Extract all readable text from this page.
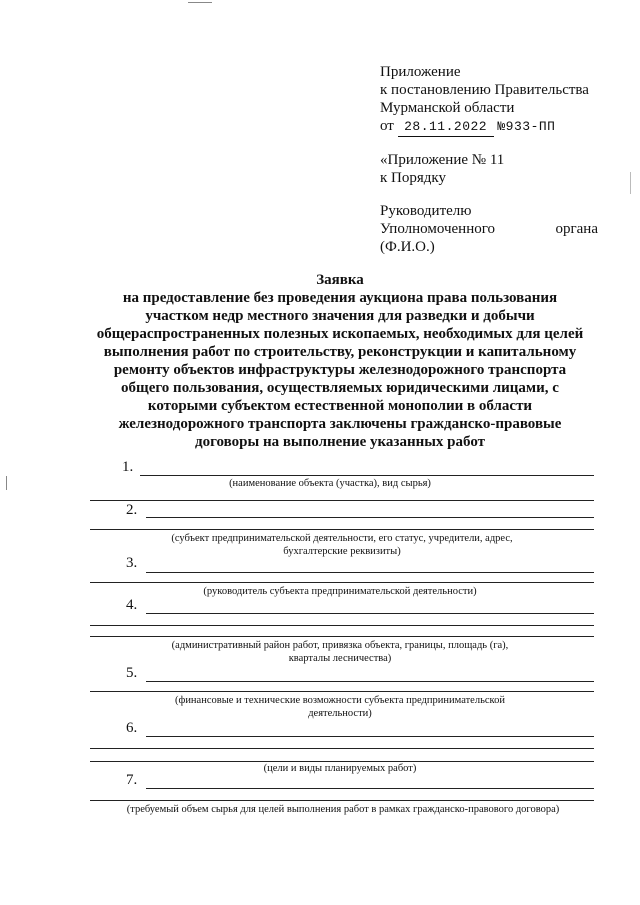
Приложение
к постановлению Правительства
Мурманской области
от 28.11.2022 №933-ПП
«Приложение № 11
к Порядку
Руководителю
Уполномоченного	органа
(Ф.И.О.)
Заявка
на предоставление без проведения аукциона права пользования
участком недр местного значения для разведки и добычи
общераспространенных полезных ископаемых, необходимых для целей
выполнения работ по строительству, реконструкции и капитальному
ремонту объектов инфраструктуры железнодорожного транспорта
общего пользования, осуществляемых юридическими лицами, с
которыми субъектом естественной монополии в области
железнодорожного транспорта заключены гражданско-правовые
договоры на выполнение указанных работ
1.
(наименование объекта (участка), вид сырья)
2.
(субъект предпринимательской деятельности, его статус, учредители, адрес, бухгалтерские реквизиты)
3.
(руководитель субъекта предпринимательской деятельности)
4.
(административный район работ, привязка объекта, границы, площадь (га), кварталы лесничества)
5.
(финансовые и технические возможности субъекта предпринимательской деятельности)
6.
(цели и виды планируемых работ)
7.
(требуемый объем сырья для целей выполнения работ в рамках гражданско-правового договора)
